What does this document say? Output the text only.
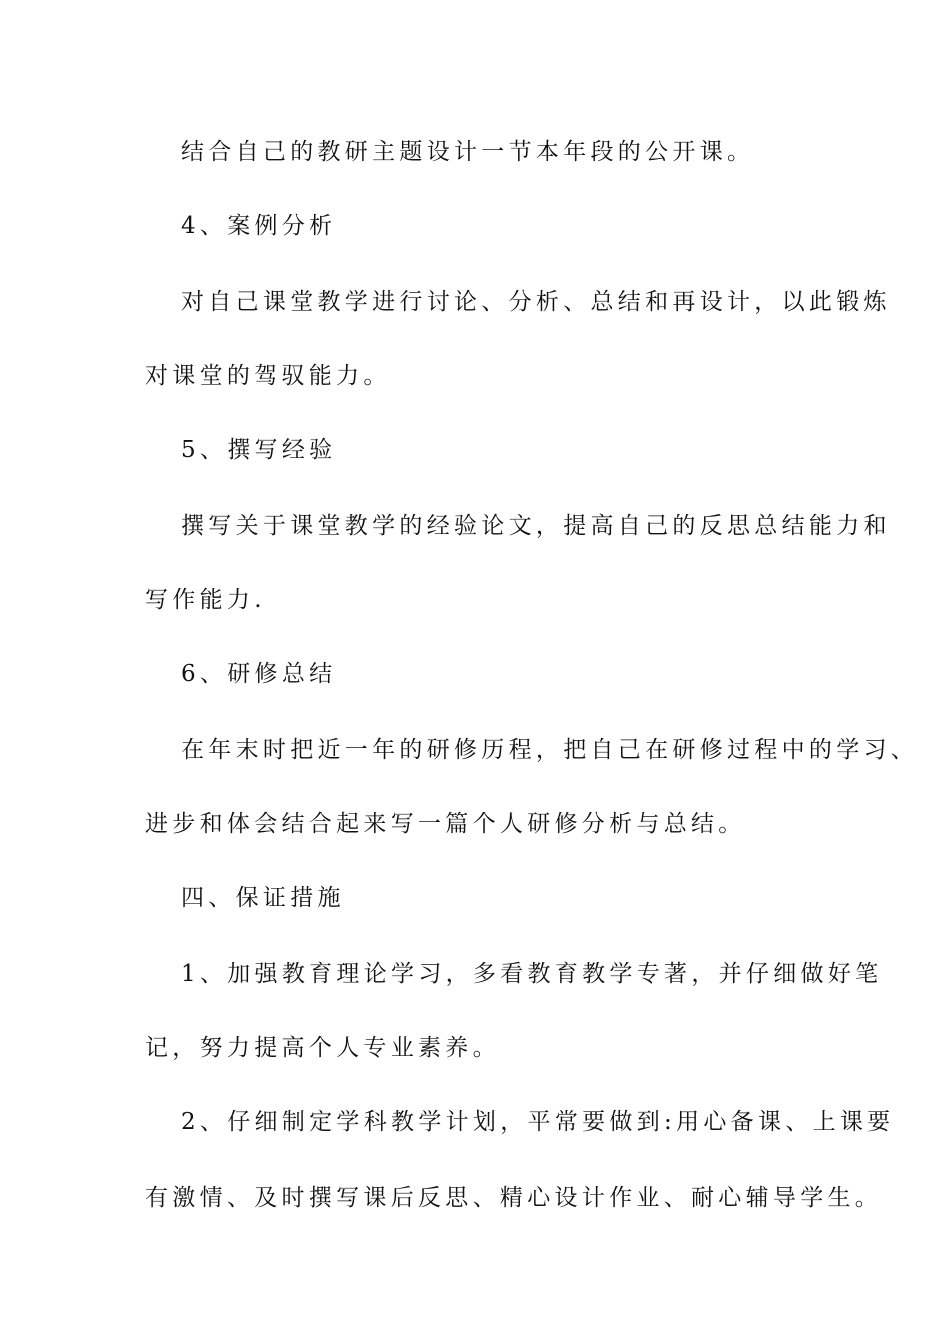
结合自己的教研主题设计一节本年段的公开课。

4、案例分析

对自己课堂教学进行讨论、分析、总结和再设计，以此锻炼

对课堂的驾驭能力。

5、撰写经验

撰写关于课堂教学的经验论文，提高自己的反思总结能力和

写作能力.

6、研修总结

在年末时把近一年的研修历程，把自己在研修过程中的学习、

进步和体会结合起来写一篇个人研修分析与总结。

四、保证措施

1、加强教育理论学习，多看教育教学专著，并仔细做好笔

记，努力提高个人专业素养。

2、仔细制定学科教学计划，平常要做到:用心备课、上课要

有激情、及时撰写课后反思、精心设计作业、耐心辅导学生。
